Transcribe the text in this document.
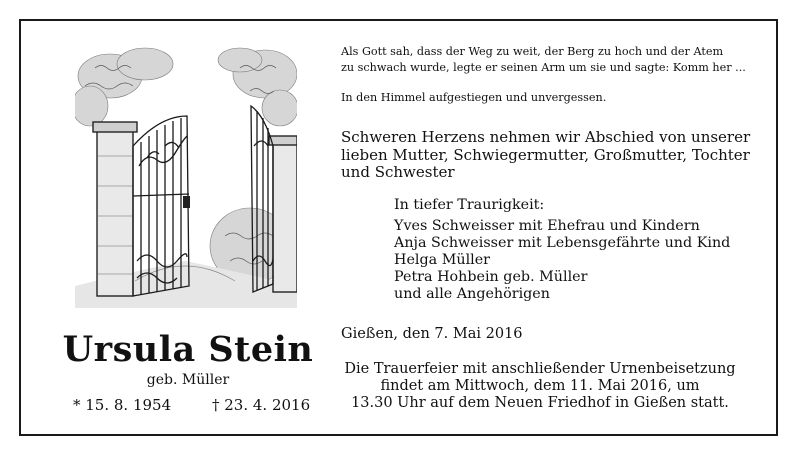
Ursula Stein
geb. Müller
* 15. 8. 1954	† 23. 4. 2016

Als Gott sah, dass der Weg zu weit, der Berg zu hoch und der Atem

zu schwach wurde, legte er seinen Arm um sie und sagte: Komm her ...

In den Himmel aufgestiegen und unvergessen.

Schweren Herzens nehmen wir Abschied von unserer
lieben Mutter, Schwiegermutter, Großmutter, Tochter
und Schwester
In tiefer Traurigkeit:
Yves Schweisser mit Ehefrau und Kindern
Anja Schweisser mit Lebensgefährte und Kind
Helga Müller
Petra Hohbein geb. Müller
und alle Angehörigen
Gießen, den 7. Mai 2016
Die Trauerfeier mit anschließender Urnenbeisetzung
findet am Mittwoch, dem 11. Mai 2016, um
13.30 Uhr auf dem Neuen Friedhof in Gießen statt.
